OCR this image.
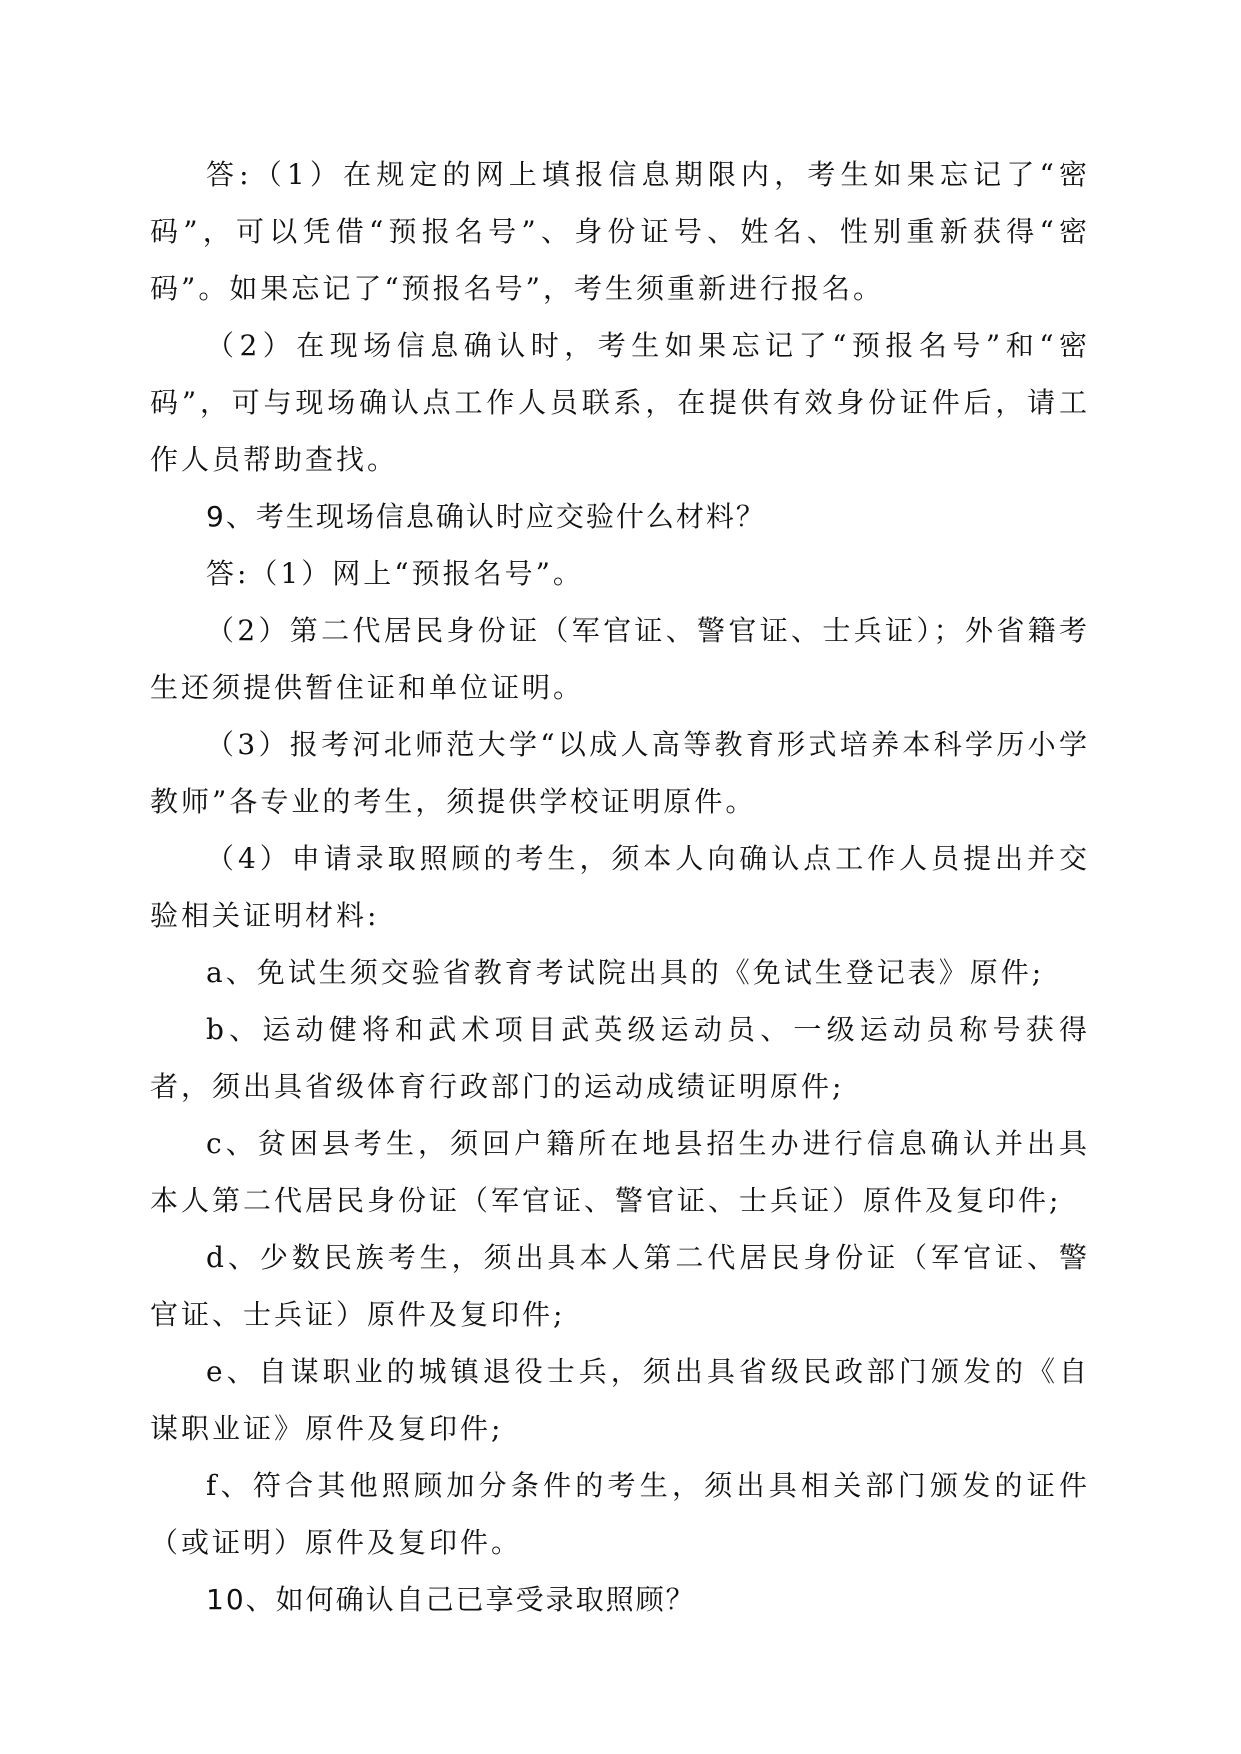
答:（1）在规定的网上填报信息期限内，考生如果忘记了“密码”，可以凭借“预报名号”、身份证号、姓名、性别重新获得“密码”。如果忘记了“预报名号”，考生须重新进行报名。

（2）在现场信息确认时，考生如果忘记了“预报名号”和“密码”，可与现场确认点工作人员联系，在提供有效身份证件后，请工作人员帮助查找。

9、考生现场信息确认时应交验什么材料？

答:（1）网上“预报名号”。

（2）第二代居民身份证（军官证、警官证、士兵证）；外省籍考生还须提供暂住证和单位证明。

（3）报考河北师范大学“以成人高等教育形式培养本科学历小学教师”各专业的考生，须提供学校证明原件。

（4）申请录取照顾的考生，须本人向确认点工作人员提出并交验相关证明材料:

a、免试生须交验省教育考试院出具的《免试生登记表》原件;

b、运动健将和武术项目武英级运动员、一级运动员称号获得者，须出具省级体育行政部门的运动成绩证明原件;

c、贫困县考生，须回户籍所在地县招生办进行信息确认并出具本人第二代居民身份证（军官证、警官证、士兵证）原件及复印件;

d、少数民族考生，须出具本人第二代居民身份证（军官证、警官证、士兵证）原件及复印件;

e、自谋职业的城镇退役士兵，须出具省级民政部门颁发的《自谋职业证》原件及复印件;

f、符合其他照顾加分条件的考生，须出具相关部门颁发的证件（或证明）原件及复印件。

10、如何确认自己已享受录取照顾？
